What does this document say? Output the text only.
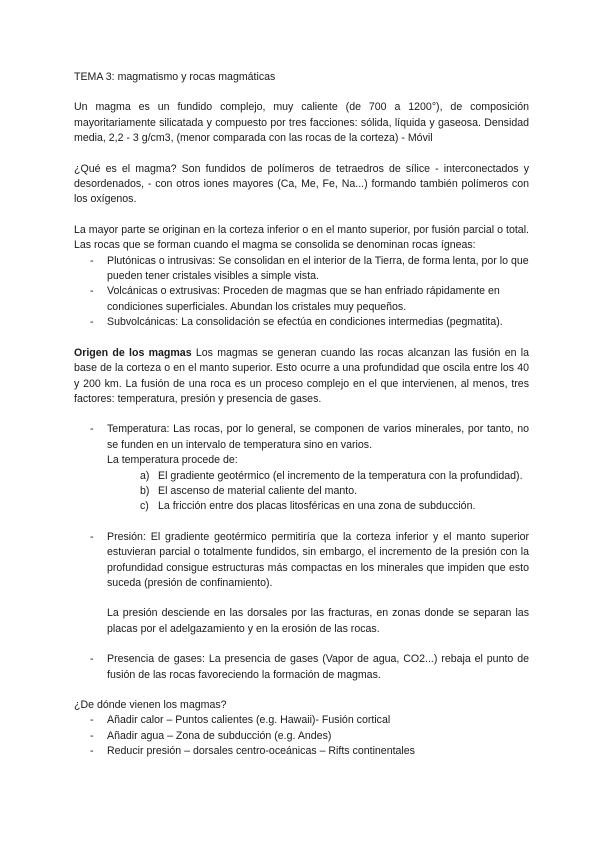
TEMA 3: magmatismo y rocas magmáticas

Un magma es un fundido complejo, muy caliente (de 700 a 1200°), de composición mayoritariamente silicatada y compuesto por tres facciones: sólida, líquida y gaseosa. Densidad media, 2,2 - 3 g/cm3, (menor comparada con las rocas de la corteza) - Móvil

¿Qué es el magma? Son fundidos de polímeros de tetraedros de sílice - interconectados y desordenados, - con otros iones mayores (Ca, Me, Fe, Na...) formando también polímeros con los oxígenos.

La mayor parte se originan en la corteza inferior o en el manto superior, por fusión parcial o total. Las rocas que se forman cuando el magma se consolida se denominan rocas ígneas:

- Plutónicas o intrusivas: Se consolidan en el interior de la Tierra, de forma lenta, por lo que pueden tener cristales visibles a simple vista.
- Volcánicas o extrusivas: Proceden de magmas que se han enfriado rápidamente en condiciones superficiales. Abundan los cristales muy pequeños.
- Subvolcánicas: La consolidación se efectúa en condiciones intermedias (pegmatita).

Origen de los magmas Los magmas se generan cuando las rocas alcanzan las fusión en la base de la corteza o en el manto superior. Esto ocurre a una profundidad que oscila entre los 40 y 200 km. La fusión de una roca es un proceso complejo en el que intervienen, al menos, tres factores: temperatura, presión y presencia de gases.

- Temperatura: Las rocas, por lo general, se componen de varios minerales, por tanto, no se funden en un intervalo de temperatura sino en varios.
La temperatura procede de:
a) El gradiente geotérmico (el incremento de la temperatura con la profundidad).
b) El ascenso de material caliente del manto.
c) La fricción entre dos placas litosféricas en una zona de subducción.
- Presión: El gradiente geotérmico permitiría que la corteza inferior y el manto superior estuvieran parcial o totalmente fundidos, sin embargo, el incremento de la presión con la profundidad consigue estructuras más compactas en los minerales que impiden que esto suceda (presión de confinamiento).
La presión desciende en las dorsales por las fracturas, en zonas donde se separan las placas por el adelgazamiento y en la erosión de las rocas.
- Presencia de gases: La presencia de gases (Vapor de agua, CO2...) rebaja el punto de fusión de las rocas favoreciendo la formación de magmas.

¿De dónde vienen los magmas?

- Añadir calor – Puntos calientes (e.g. Hawaii)- Fusión cortical
- Añadir agua – Zona de subducción (e.g. Andes)
- Reducir presión – dorsales centro-oceánicas – Rifts continentales
